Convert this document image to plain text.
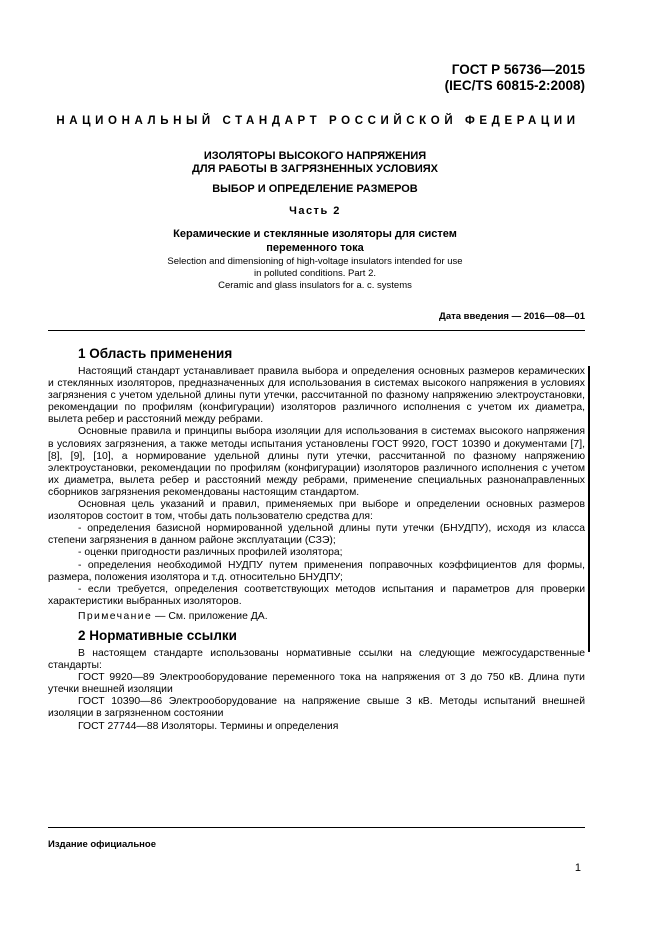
ГОСТ Р 56736—2015
(IEC/TS 60815-2:2008)
НАЦИОНАЛЬНЫЙ СТАНДАРТ РОССИЙСКОЙ ФЕДЕРАЦИИ
ИЗОЛЯТОРЫ ВЫСОКОГО НАПРЯЖЕНИЯ
ДЛЯ РАБОТЫ В ЗАГРЯЗНЕННЫХ УСЛОВИЯХ
ВЫБОР И ОПРЕДЕЛЕНИЕ РАЗМЕРОВ
Часть 2
Керамические и стеклянные изоляторы для систем
переменного тока
Selection and dimensioning of high-voltage insulators intended for use
in polluted conditions. Part 2.
Ceramic and glass insulators for a. c. systems
Дата введения — 2016—08—01
1 Область применения

Настоящий стандарт устанавливает правила выбора и определения основных размеров керамических и стеклянных изоляторов, предназначенных для использования в системах высокого напряжения в условиях загрязнения с учетом удельной длины пути утечки, рассчитанной по фазному напряжению электроустановки, рекомендации по профилям (конфигурации) изоляторов различного исполнения с учетом их диаметра, вылета ребер и расстояний между ребрами.

Основные правила и принципы выбора изоляции для использования в системах высокого напряжения в условиях загрязнения, а также методы испытания установлены ГОСТ 9920, ГОСТ 10390 и документами [7], [8], [9], [10], а нормирование удельной длины пути утечки, рассчитанной по фазному напряжению электроустановки, рекомендации по профилям (конфигурации) изоляторов различного исполнения с учетом их диаметра, вылета ребер и расстояний между ребрами, применение специальных разнонаправленных сборников загрязнения рекомендованы настоящим стандартом.

Основная цель указаний и правил, применяемых при выборе и определении основных размеров изоляторов состоит в том, чтобы дать пользователю средства для:

- определения базисной нормированной удельной длины пути утечки (БНУДПУ), исходя из класса степени загрязнения в данном районе эксплуатации (СЗЭ);

- оценки пригодности различных профилей изолятора;

- определения необходимой НУДПУ путем применения поправочных коэффициентов для формы, размера, положения изолятора и т.д. относительно БНУДПУ;

- если требуется, определения соответствующих методов испытания и параметров для проверки характеристики выбранных изоляторов.

Примечание — См. приложение ДА.

2 Нормативные ссылки

В настоящем стандарте использованы нормативные ссылки на следующие межгосударственные стандарты:

ГОСТ 9920—89 Электрооборудование переменного тока на напряжения от 3 до 750 кВ. Длина пути утечки внешней изоляции

ГОСТ 10390—86 Электрооборудование на напряжение свыше 3 кВ. Методы испытаний внешней изоляции в загрязненном состоянии

ГОСТ 27744—88 Изоляторы. Термины и определения

Издание официальное
1
